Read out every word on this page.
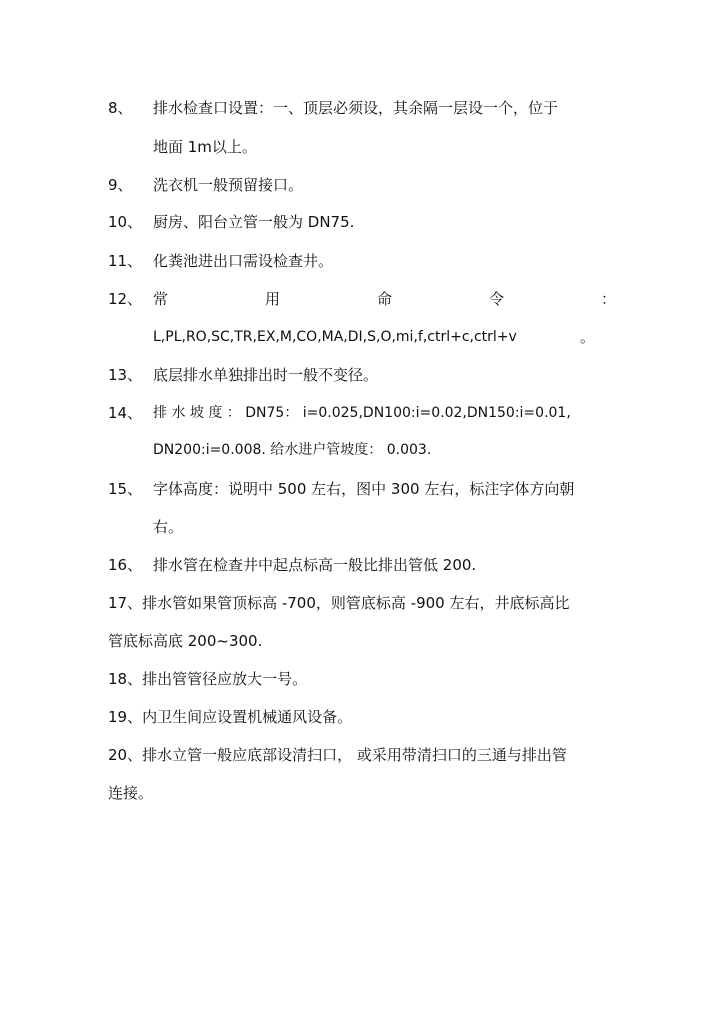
8、 排水检查口设置：一、顶层必须设，其余隔一层设一个，位于
地面 1m以上。
9、 洗衣机一般预留接口。
10、 厨房、阳台立管一般为 DN75.
11、 化粪池进出口需设检查井。
12、 常	用	命	令	：
L,PL,RO,SC,TR,EX,M,CO,MA,DI,S,O,mi,f,ctrl+c,ctrl+v	。
13、 底层排水单独排出时一般不变径。
14、 排 水 坡 度 ： DN75： i=0.025,DN100:i=0.02,DN150:i=0.01,
DN200:i=0.008. 给水进户管坡度： 0.003.
15、 字体高度：说明中 500 左右，图中 300 左右，标注字体方向朝
右。
16、 排水管在检查井中起点标高一般比排出管低 200.
17、排水管如果管顶标高 -700，则管底标高 -900 左右，井底标高比
管底标高底 200~300.
18、排出管管径应放大一号。
19、内卫生间应设置机械通风设备。
20、排水立管一般应底部设清扫口， 或采用带清扫口的三通与排出管
连接。
